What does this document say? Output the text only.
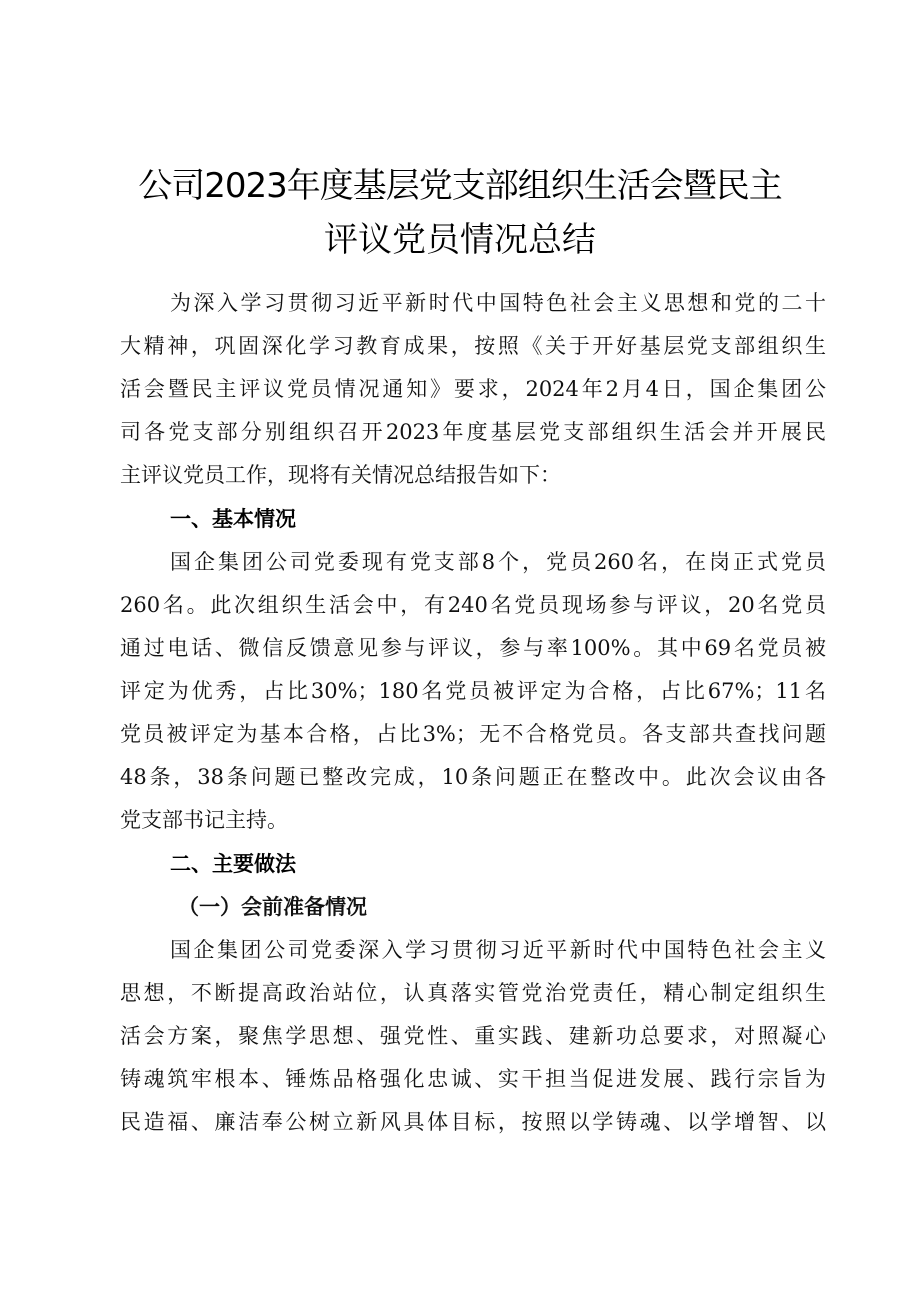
公司2023年度基层党支部组织生活会暨民主
评议党员情况总结

为深入学习贯彻习近平新时代中国特色社会主义思想和党的二十

大精神，巩固深化学习教育成果，按照《关于开好基层党支部组织生

活会暨民主评议党员情况通知》要求，2024年2月4日，国企集团公

司各党支部分别组织召开2023年度基层党支部组织生活会并开展民

主评议党员工作，现将有关情况总结报告如下：

一、基本情况

国企集团公司党委现有党支部8个，党员260名，在岗正式党员

260名。此次组织生活会中，有240名党员现场参与评议，20名党员

通过电话、微信反馈意见参与评议，参与率100%。其中69名党员被

评定为优秀，占比30%；180名党员被评定为合格，占比67%；11名

党员被评定为基本合格，占比3%；无不合格党员。各支部共查找问题

48条，38条问题已整改完成，10条问题正在整改中。此次会议由各

党支部书记主持。

二、主要做法
（一）会前准备情况

国企集团公司党委深入学习贯彻习近平新时代中国特色社会主义

思想，不断提高政治站位，认真落实管党治党责任，精心制定组织生

活会方案，聚焦学思想、强党性、重实践、建新功总要求，对照凝心

铸魂筑牢根本、锤炼品格强化忠诚、实干担当促进发展、践行宗旨为

民造福、廉洁奉公树立新风具体目标，按照以学铸魂、以学增智、以
